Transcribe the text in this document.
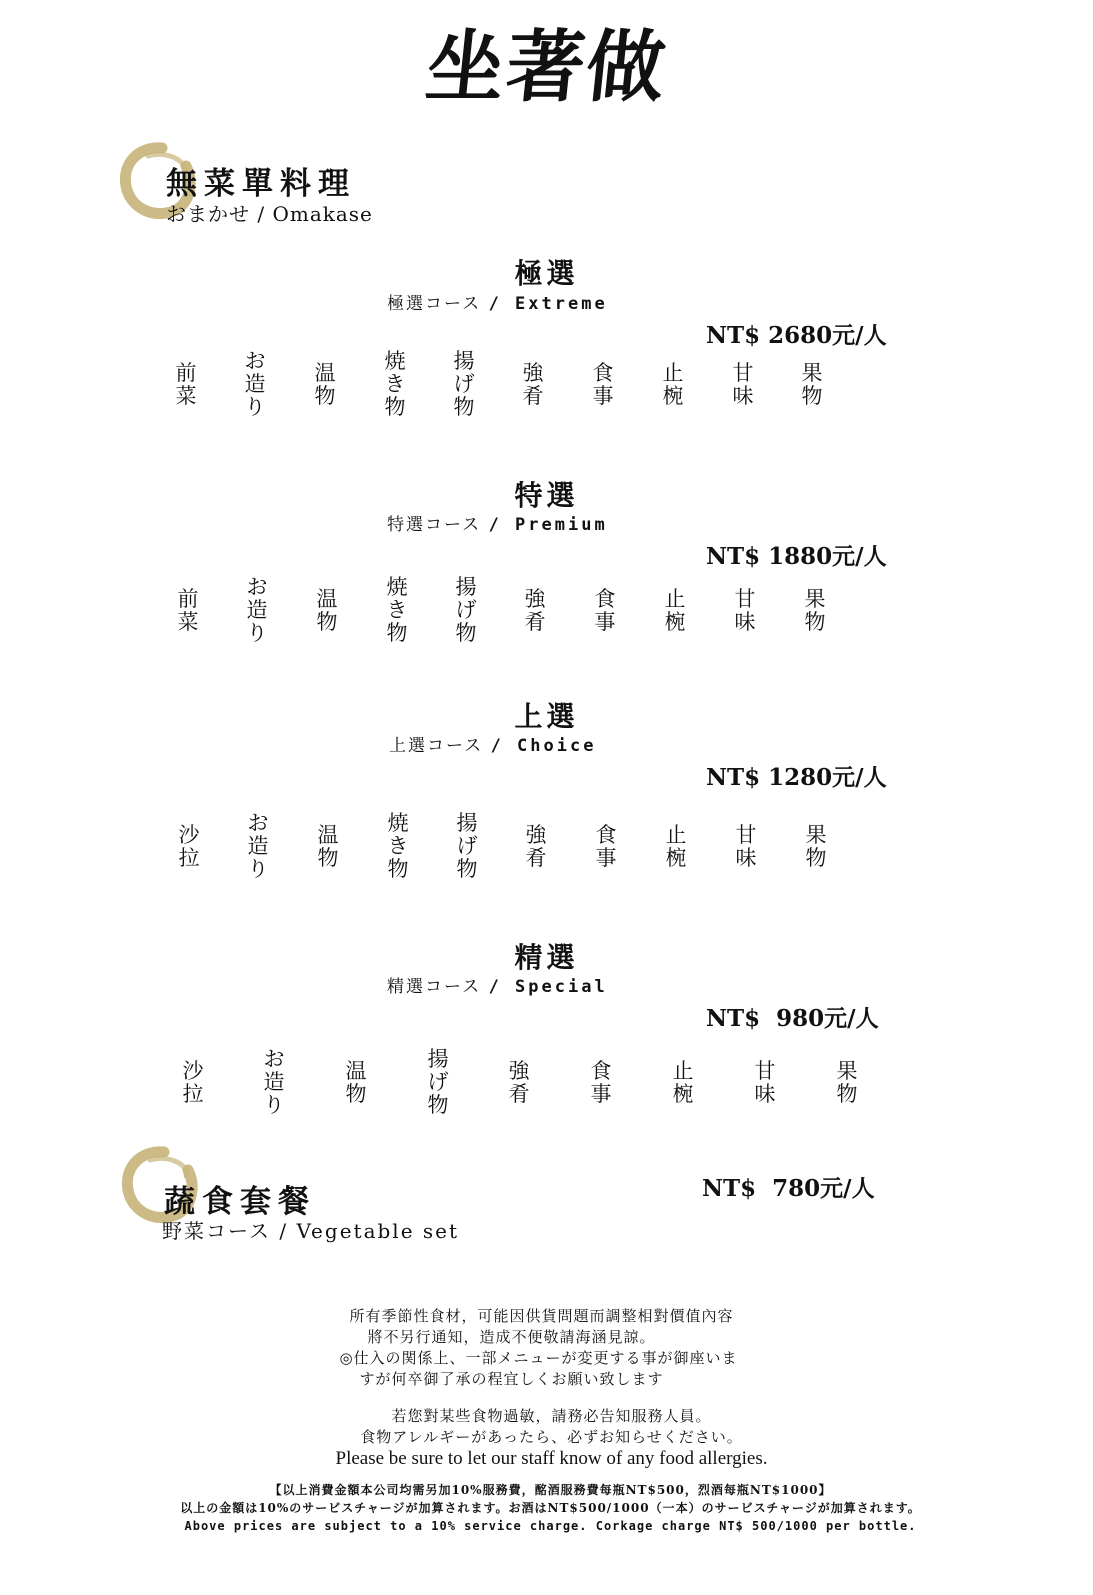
坐著做
無菜單料理
おまかせ / Omakase
極選
極選コース / Extreme
NT$ 2680元/人
前菜
お造り
温物
焼き物
揚げ物
強肴
食事
止椀
甘味
果物
特選
特選コース / Premium
NT$ 1880元/人
前菜
お造り
温物
焼き物
揚げ物
強肴
食事
止椀
甘味
果物
上選
上選コース / Choice
NT$ 1280元/人
沙拉
お造り
温物
焼き物
揚げ物
強肴
食事
止椀
甘味
果物
精選
精選コース / Special
NT$  980元/人
沙拉
お造り
温物
揚げ物
強肴
食事
止椀
甘味
果物
蔬食套餐
野菜コース / Vegetable set
NT$  780元/人
所有季節性食材，可能因供貨問題而調整相對價值內容
將不另行通知，造成不便敬請海涵見諒。
◎仕入の関係上、一部メニューが変更する事が御座いま
すが何卒御了承の程宜しくお願い致します
若您對某些食物過敏，請務必告知服務人員。
食物アレルギーがあったら、必ずお知らせください。
Please be sure to let our staff know of any food allergies.
【以上消費金額本公司均需另加10%服務費，酩酒服務費每瓶NT$500，烈酒每瓶NT$1000】
以上の金額は10%のサービスチャージが加算されます。お酒はNT$500/1000（一本）のサービスチャージが加算されます。
Above prices are subject to a 10% service charge. Corkage charge NT$ 500/1000 per bottle.
